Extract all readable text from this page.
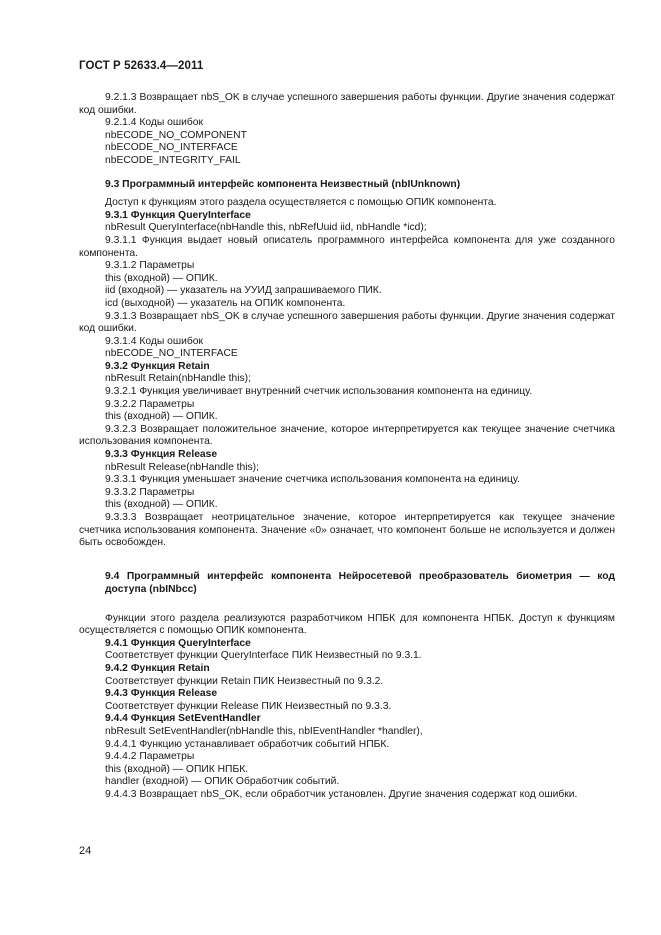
ГОСТ Р 52633.4—2011

9.2.1.3 Возвращает nbS_OK в случае успешного завершения работы функции. Другие значения содержат код ошибки.

9.2.1.4 Коды ошибок

nbECODE_NO_COMPONENT

nbECODE_NO_INTERFACE

nbECODE_INTEGRITY_FAIL

9.3 Программный интерфейс компонента Неизвестный (nbIUnknown)

Доступ к функциям этого раздела осуществляется с помощью ОПИК компонента.

9.3.1 Функция QueryInterface

nbResult QueryInterface(nbHandle this, nbRefUuid iid, nbHandle *icd);

9.3.1.1 Функция выдает новый описатель программного интерфейса компонента для уже созданного компонента.

9.3.1.2 Параметры

this (входной) — ОПИК.

iid (входной) — указатель на УУИД запрашиваемого ПИК.

icd (выходной) — указатель на ОПИК компонента.

9.3.1.3 Возвращает nbS_OK в случае успешного завершения работы функции. Другие значения содержат код ошибки.

9.3.1.4 Коды ошибок

nbECODE_NO_INTERFACE

9.3.2 Функция Retain

nbResult Retain(nbHandle this);

9.3.2.1 Функция увеличивает внутренний счетчик использования компонента на единицу.

9.3.2.2 Параметры

this (входной) — ОПИК.

9.3.2.3 Возвращает положительное значение, которое интерпретируется как текущее значение счетчика использования компонента.

9.3.3 Функция Release

nbResult Release(nbHandle this);

9.3.3.1 Функция уменьшает значение счетчика использования компонента на единицу.

9.3.3.2 Параметры

this (входной) — ОПИК.

9.3.3.3 Возвращает неотрицательное значение, которое интерпретируется как текущее значение счетчика использования компонента. Значение «0» означает, что компонент больше не используется и должен быть освобожден.

9.4 Программный интерфейс компонента Нейросетевой преобразователь биометрия — код доступа (nbINbcc)

Функции этого раздела реализуются разработчиком НПБК для компонента НПБК. Доступ к функциям осуществляется с помощью ОПИК компонента.

9.4.1 Функция QueryInterface

Соответствует функции QueryInterface ПИК Неизвестный по 9.3.1.

9.4.2 Функция Retain

Соответствует функции Retain ПИК Неизвестный по 9.3.2.

9.4.3 Функция Release

Соответствует функции Release ПИК Неизвестный по 9.3.3.

9.4.4 Функция SetEventHandler

nbResult SetEventHandler(nbHandle this, nbIEventHandler *handler),

9.4.4.1 Функцию устанавливает обработчик событий НПБК.

9.4.4.2 Параметры

this (входной) — ОПИК НПБК.

handler (входной) — ОПИК Обработчик событий.

9.4.4.3 Возвращает nbS_OK, если обработчик установлен. Другие значения содержат код ошибки.

24
